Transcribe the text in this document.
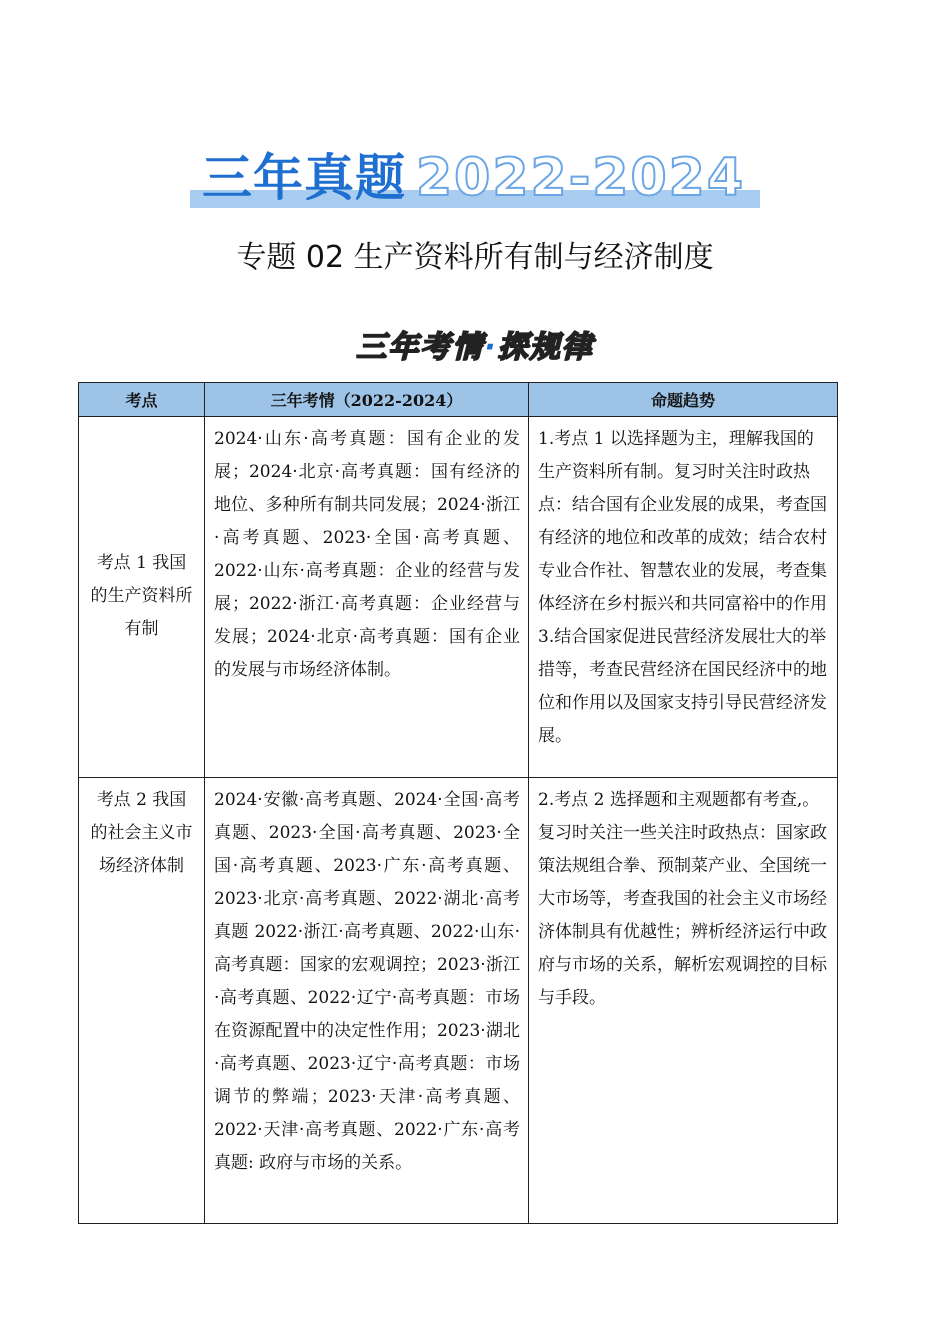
三年真题 2022-2024
专题 02 生产资料所有制与经济制度
三年考情·探规律
考点	三年考情（2022-2024）	命题趋势
考点 1 我国的生产资料所有制	2024·山东·高考真题：国有企业的发展；2024·北京·高考真题：国有经济的地位、多种所有制共同发展；2024·浙江·高考真题、2023·全国·高考真题、2022·山东·高考真题：企业的经营与发展；2022·浙江·高考真题：企业经营与发展；2024·北京·高考真题：国有企业的发展与市场经济体制。	1.考点 1 以选择题为主，理解我国的生产资料所有制。复习时关注时政热点：结合国有企业发展的成果，考查国有经济的地位和改革的成效；结合农村专业合作社、智慧农业的发展，考查集体经济在乡村振兴和共同富裕中的作用
3.结合国家促进民营经济发展壮大的举措等，考查民营经济在国民经济中的地位和作用以及国家支持引导民营经济发展。

考点 2 我国的社会主义市场经济体制	2024·安徽·高考真题、2024·全国·高考真题、2023·全国·高考真题、2023·全国·高考真题、2023·广东·高考真题、2023·北京·高考真题、2022·湖北·高考真题 2022·浙江·高考真题、2022·山东·高考真题：国家的宏观调控；2023·浙江·高考真题、2022·辽宁·高考真题：市场在资源配置中的决定性作用；2023·湖北·高考真题、2023·辽宁·高考真题：市场调节的弊端；2023·天津·高考真题、2022·天津·高考真题、2022·广东·高考真题: 政府与市场的关系。	2.考点 2 选择题和主观题都有考查,。复习时关注一些关注时政热点：国家政策法规组合拳、预制菜产业、全国统一大市场等，考查我国的社会主义市场经济体制具有优越性；辨析经济运行中政府与市场的关系，解析宏观调控的目标与手段。
